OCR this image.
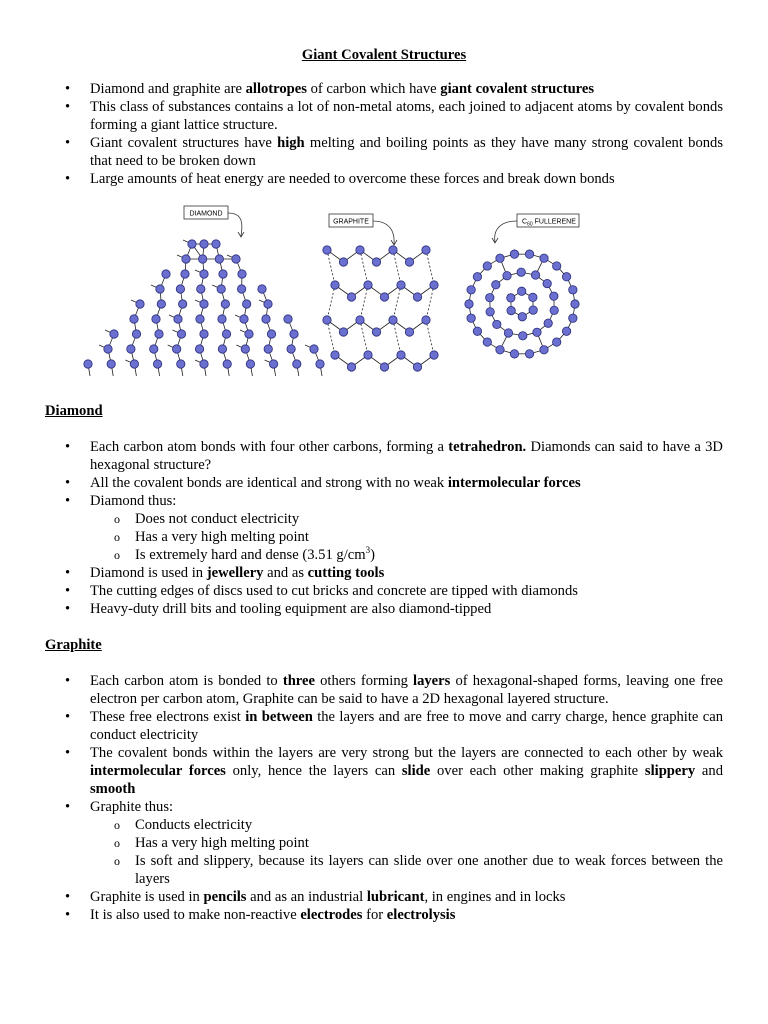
Giant Covalent Structures
• Diamond and graphite are allotropes of carbon which have giant covalent structures
• This class of substances contains a lot of non-metal atoms, each joined to adjacent atoms by covalent bonds forming a giant lattice structure.
• Giant covalent structures have high melting and boiling points as they have many strong covalent bonds that need to be broken down
• Large amounts of heat energy are needed to overcome these forces and break down bonds
DIAMOND
GRAPHITE	$C_{60}$ FULLERENE
Diamond
• Each carbon atom bonds with four other carbons, forming a tetrahedron. Diamonds can said to have a 3D hexagonal structure?
• All the covalent bonds are identical and strong with no weak intermolecular forces
• Diamond thus:
o Does not conduct electricity
o Has a very high melting point
o Is extremely hard and dense (3.51 $g/cm^3$)
• Diamond is used in jewellery and as cutting tools
• The cutting edges of discs used to cut bricks and concrete are tipped with diamonds
• Heavy-duty drill bits and tooling equipment are also diamond-tipped
Graphite
• Each carbon atom is bonded to three others forming layers of hexagonal-shaped forms, leaving one free electron per carbon atom, Graphite can be said to have a 2D hexagonal layered structure.
• These free electrons exist in between the layers and are free to move and carry charge, hence graphite can conduct electricity
• The covalent bonds within the layers are very strong but the layers are connected to each other by weak intermolecular forces only, hence the layers can slide over each other making graphite slippery and smooth
• Graphite thus:
o Conducts electricity
o Has a very high melting point
o Is soft and slippery, because its layers can slide over one another due to weak forces between the layers
• Graphite is used in pencils and as an industrial lubricant, in engines and in locks
• It is also used to make non-reactive electrodes for electrolysis
